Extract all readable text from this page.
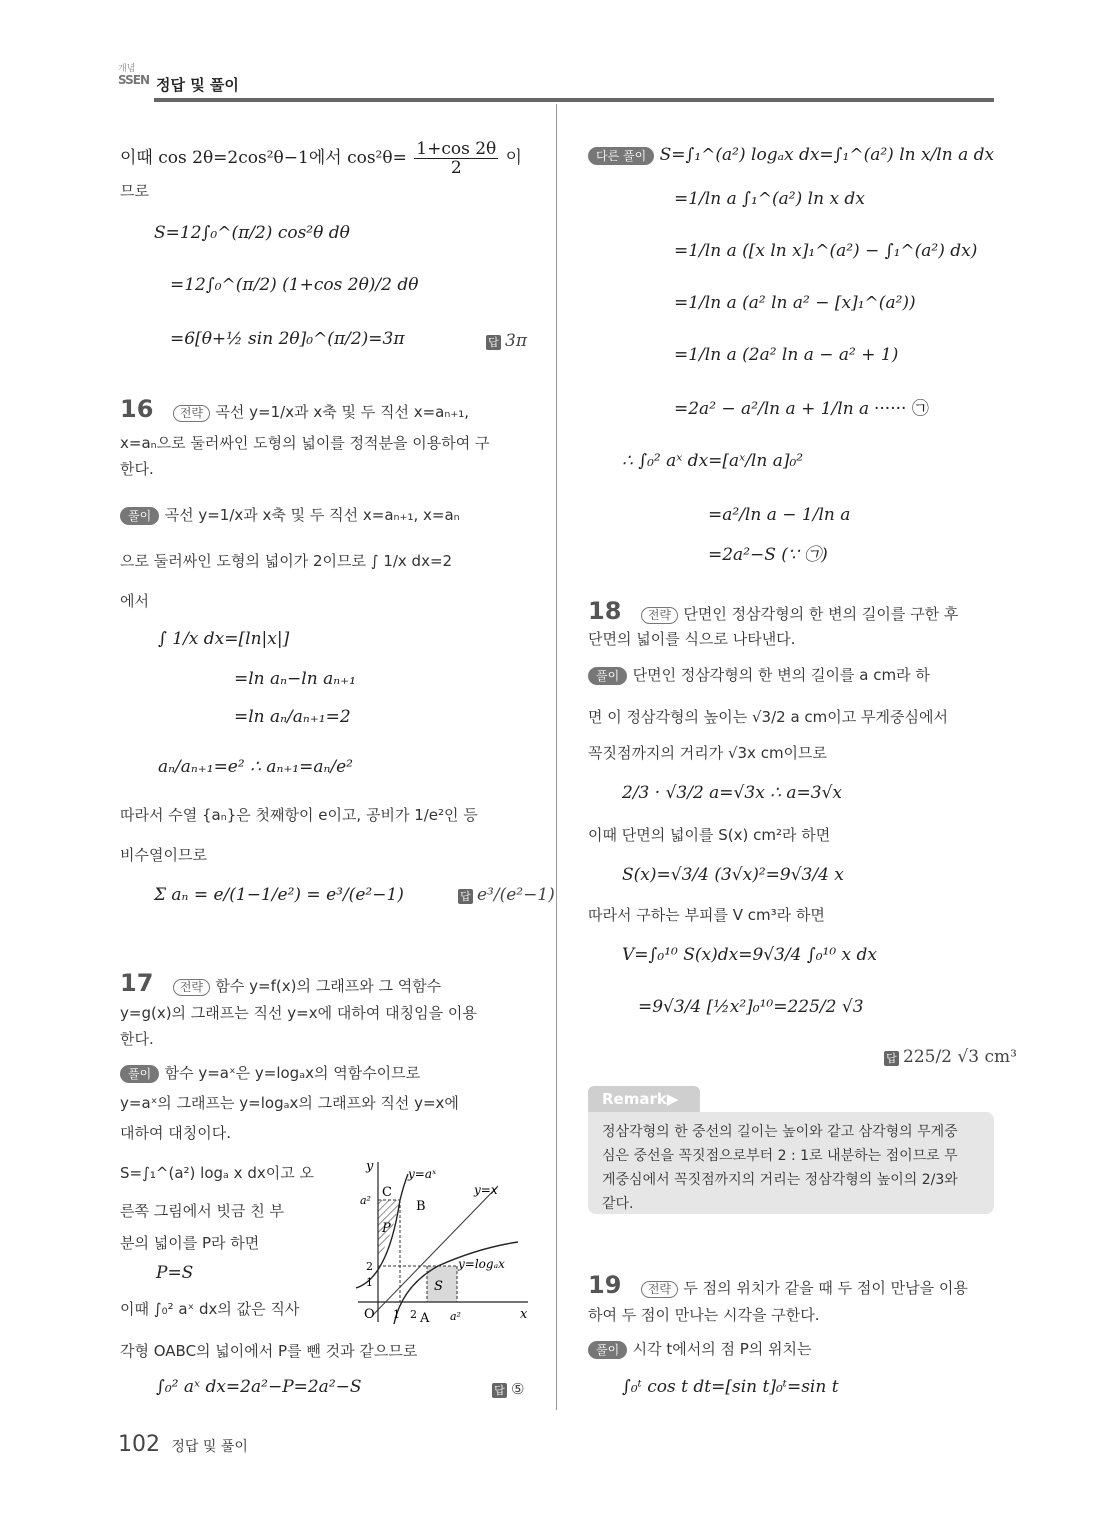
개념
SSEN 정답 및 풀이
이때 cos 2θ=2cos²θ−1에서 $\cos^2\theta= \frac{1+\cos 2\theta}{2}$ 이
므로
S=12∫₀^(π/2) cos²θ dθ
=12∫₀^(π/2) (1+cos 2θ)/2 dθ
=6[θ+½ sin 2θ]₀^(π/2)=3π	답 3π
16 전략 곡선 y=1/x과 x축 및 두 직선 x=aₙ₊₁,
x=aₙ으로 둘러싸인 도형의 넓이를 정적분을 이용하여 구
한다.
풀이 곡선 y=1/x과 x축 및 두 직선 x=aₙ₊₁, x=aₙ
으로 둘러싸인 도형의 넓이가 2이므로 ∫ 1/x dx=2
에서
∫ 1/x dx=[ln|x|]
=ln aₙ−ln aₙ₊₁
=ln aₙ/aₙ₊₁=2
aₙ/aₙ₊₁=e² ∴ aₙ₊₁=aₙ/e²
따라서 수열 {aₙ}은 첫째항이 e이고, 공비가 1/e²인 등
비수열이므로
Σ aₙ = e/(1−1/e²) = e³/(e²−1)	답 e³/(e²−1)
17 전략 함수 y=f(x)의 그래프와 그 역함수
y=g(x)의 그래프는 직선 y=x에 대하여 대칭임을 이용
한다.
풀이 함수 y=aˣ은 y=logₐx의 역함수이므로
y=aˣ의 그래프는 y=logₐx의 그래프와 직선 y=x에
대하여 대칭이다.
S=∫₁^(a²) logₐ x dx이고 오
른쪽 그림에서 빗금 친 부
분의 넓이를 P라 하면
P=S
이때 ∫₀² aˣ dx의 값은 직사
각형 OABC의 넓이에서 P를 뺀 것과 같으므로
∫₀² aˣ dx=2a²−P=2a²−S	답 ⑤
y
x
O
y=aˣ
y=x
y=logₐx
a²
2
1
1 2	a²
C
B
A
P
S
다른 풀이 S=∫₁^(a²) logₐx dx=∫₁^(a²) ln x/ln a dx
=1/ln a ∫₁^(a²) ln x dx
=1/ln a ([x ln x]₁^(a²) − ∫₁^(a²) dx)
=1/ln a (a² ln a² − [x]₁^(a²))
=1/ln a (2a² ln a − a² + 1)
=2a² − a²/ln a + 1/ln a ······ ㉠
∴ ∫₀² aˣ dx=[aˣ/ln a]₀²
=a²/ln a − 1/ln a
=2a²−S (∵ ㉠)
18 전략 단면인 정삼각형의 한 변의 길이를 구한 후
단면의 넓이를 식으로 나타낸다.
풀이 단면인 정삼각형의 한 변의 길이를 a cm라 하
면 이 정삼각형의 높이는 √3/2 a cm이고 무게중심에서
꼭짓점까지의 거리가 √3x cm이므로
2/3 · √3/2 a=√3x ∴ a=3√x
이때 단면의 넓이를 S(x) cm²라 하면
S(x)=√3/4 (3√x)²=9√3/4 x
따라서 구하는 부피를 V cm³라 하면
V=∫₀¹⁰ S(x)dx=9√3/4 ∫₀¹⁰ x dx
=9√3/4 [½x²]₀¹⁰=225/2 √3
답 225/2 √3 cm³
Remark▶
정삼각형의 한 중선의 길이는 높이와 같고 삼각형의 무게중
심은 중선을 꼭짓점으로부터 2 : 1로 내분하는 점이므로 무
게중심에서 꼭짓점까지의 거리는 정삼각형의 높이의 2/3와
같다.
19 전략 두 점의 위치가 같을 때 두 점이 만남을 이용
하여 두 점이 만나는 시각을 구한다.
풀이 시각 t에서의 점 P의 위치는
∫₀ᵗ cos t dt=[sin t]₀ᵗ=sin t
102 정답 및 풀이
